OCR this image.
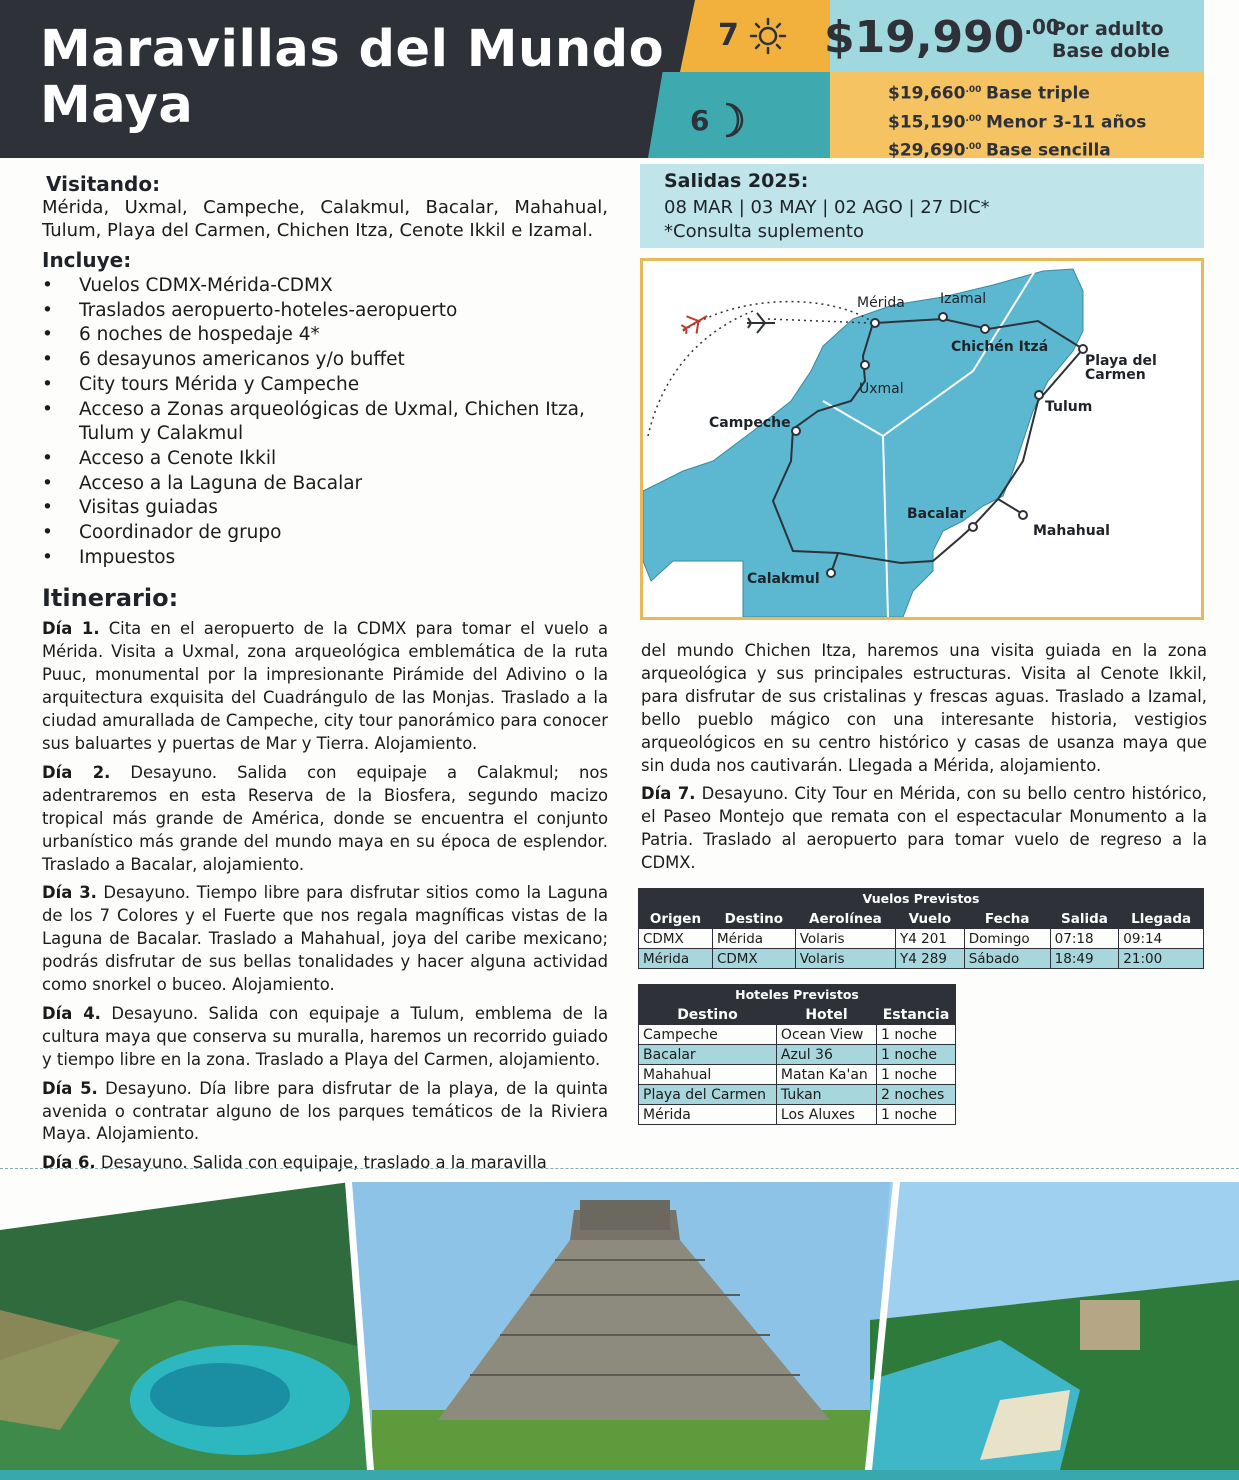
Maravillas del Mundo
Maya
7
6
$\$19,990^{.00}$
Por adulto
Base doble
$\$19,660^{.00}$ Base triple
$\$15,190^{.00}$ Menor 3-11 años
$\$29,690^{.00}$ Base sencilla
Visitando:

Mérida, Uxmal, Campeche, Calakmul, Bacalar, Mahahual, Tulum, Playa del Carmen, Chichen Itza, Cenote Ikkil e Izamal.

Incluye:
• Vuelos CDMX-Mérida-CDMX
• Traslados aeropuerto-hoteles-aeropuerto
• 6 noches de hospedaje 4*
• 6 desayunos americanos y/o buffet
• City tours Mérida y Campeche
• Acceso a Zonas arqueológicas de Uxmal, Chichen Itza, Tulum y Calakmul
• Acceso a Cenote Ikkil
• Acceso a la Laguna de Bacalar
• Visitas guiadas
• Coordinador de grupo
• Impuestos
Itinerario:

Día 1. Cita en el aeropuerto de la CDMX para tomar el vuelo a Mérida. Visita a Uxmal, zona arqueológica emblemática de la ruta Puuc, monumental por la impresionante Pirámide del Adivino o la arquitectura exquisita del Cuadrángulo de las Monjas. Traslado a la ciudad amurallada de Campeche, city tour panorámico para conocer sus baluartes y puertas de Mar y Tierra. Alojamiento.

Día 2. Desayuno. Salida con equipaje a Calakmul; nos adentraremos en esta Reserva de la Biosfera, segundo macizo tropical más grande de América, donde se encuentra el conjunto urbanístico más grande del mundo maya en su época de esplendor. Traslado a Bacalar, alojamiento.

Día 3. Desayuno. Tiempo libre para disfrutar sitios como la Laguna de los 7 Colores y el Fuerte que nos regala magníficas vistas de la Laguna de Bacalar. Traslado a Mahahual, joya del caribe mexicano; podrás disfrutar de sus bellas tonalidades y hacer alguna actividad como snorkel o buceo. Alojamiento.

Día 4. Desayuno. Salida con equipaje a Tulum, emblema de la cultura maya que conserva su muralla, haremos un recorrido guiado y tiempo libre en la zona. Traslado a Playa del Carmen, alojamiento.

Día 5. Desayuno. Día libre para disfrutar de la playa, de la quinta avenida o contratar alguno de los parques temáticos de la Riviera Maya. Alojamiento.

Día 6. Desayuno. Salida con equipaje, traslado a la maravilla

Salidas 2025:
08 MAR | 03 MAY | 02 AGO | 27 DIC*
*Consulta suplemento
Mérida	Izamal
Chichén Itzá
Playa del
Carmen
Uxmal
Tulum
Campeche
Bacalar
Mahahual
Calakmul

del mundo Chichen Itza, haremos una visita guiada en la zona arqueológica y sus principales estructuras. Visita al Cenote Ikkil, para disfrutar de sus cristalinas y frescas aguas. Traslado a Izamal, bello pueblo mágico con una interesante historia, vestigios arqueológicos en su centro histórico y casas de usanza maya que sin duda nos cautivarán. Llegada a Mérida, alojamiento.

Día 7. Desayuno. City Tour en Mérida, con su bello centro histórico, el Paseo Montejo que remata con el espectacular Monumento a la Patria. Traslado al aeropuerto para tomar vuelo de regreso a la CDMX.

Vuelos Previstos						
Origen	Destino	Aerolínea	Vuelo	Fecha	Salida	Llegada
CDMX	Mérida	Volaris	Y4 201	Domingo	07:18	09:14
Mérida	CDMX	Volaris	Y4 289	Sábado	18:49	21:00
Hoteles Previstos		
Destino	Hotel	Estancia
Campeche	Ocean View	1 noche
Bacalar	Azul 36	1 noche
Mahahual	Matan Ka'an	1 noche
Playa del Carmen	Tukan	2 noches
Mérida	Los Aluxes	1 noche
